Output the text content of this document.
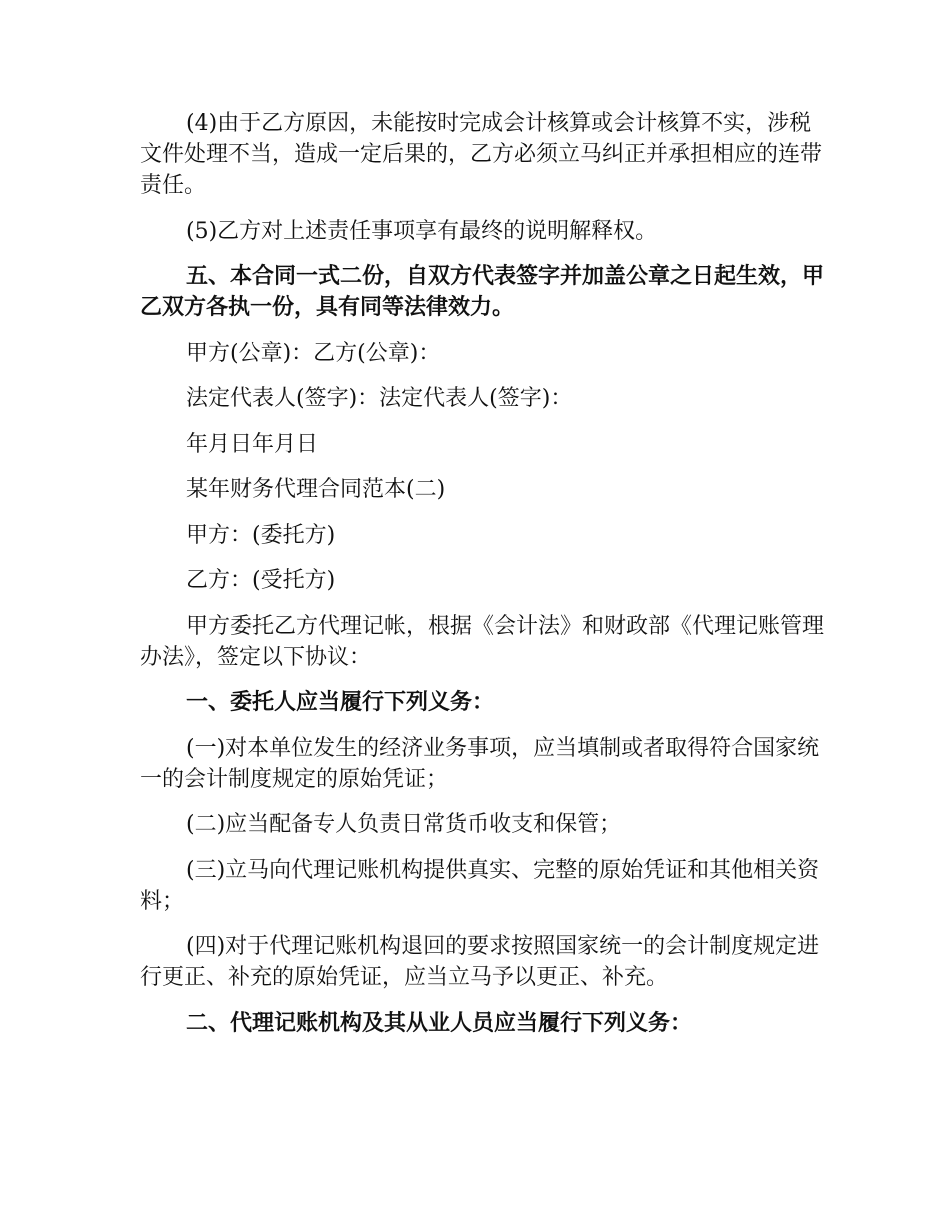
(4)由于乙方原因，未能按时完成会计核算或会计核算不实，涉税文件处理不当，造成一定后果的，乙方必须立马纠正并承担相应的连带责任。

(5)乙方对上述责任事项享有最终的说明解释权。

五、本合同一式二份，自双方代表签字并加盖公章之日起生效，甲乙双方各执一份，具有同等法律效力。

甲方(公章)：乙方(公章)：

法定代表人(签字)：法定代表人(签字)：

年月日年月日

某年财务代理合同范本(二)

甲方：(委托方)

乙方：(受托方)

甲方委托乙方代理记帐，根据《会计法》和财政部《代理记账管理办法》，签定以下协议：

一、委托人应当履行下列义务：

(一)对本单位发生的经济业务事项，应当填制或者取得符合国家统一的会计制度规定的原始凭证；

(二)应当配备专人负责日常货币收支和保管；

(三)立马向代理记账机构提供真实、完整的原始凭证和其他相关资料；

(四)对于代理记账机构退回的要求按照国家统一的会计制度规定进行更正、补充的原始凭证，应当立马予以更正、补充。

二、代理记账机构及其从业人员应当履行下列义务：
